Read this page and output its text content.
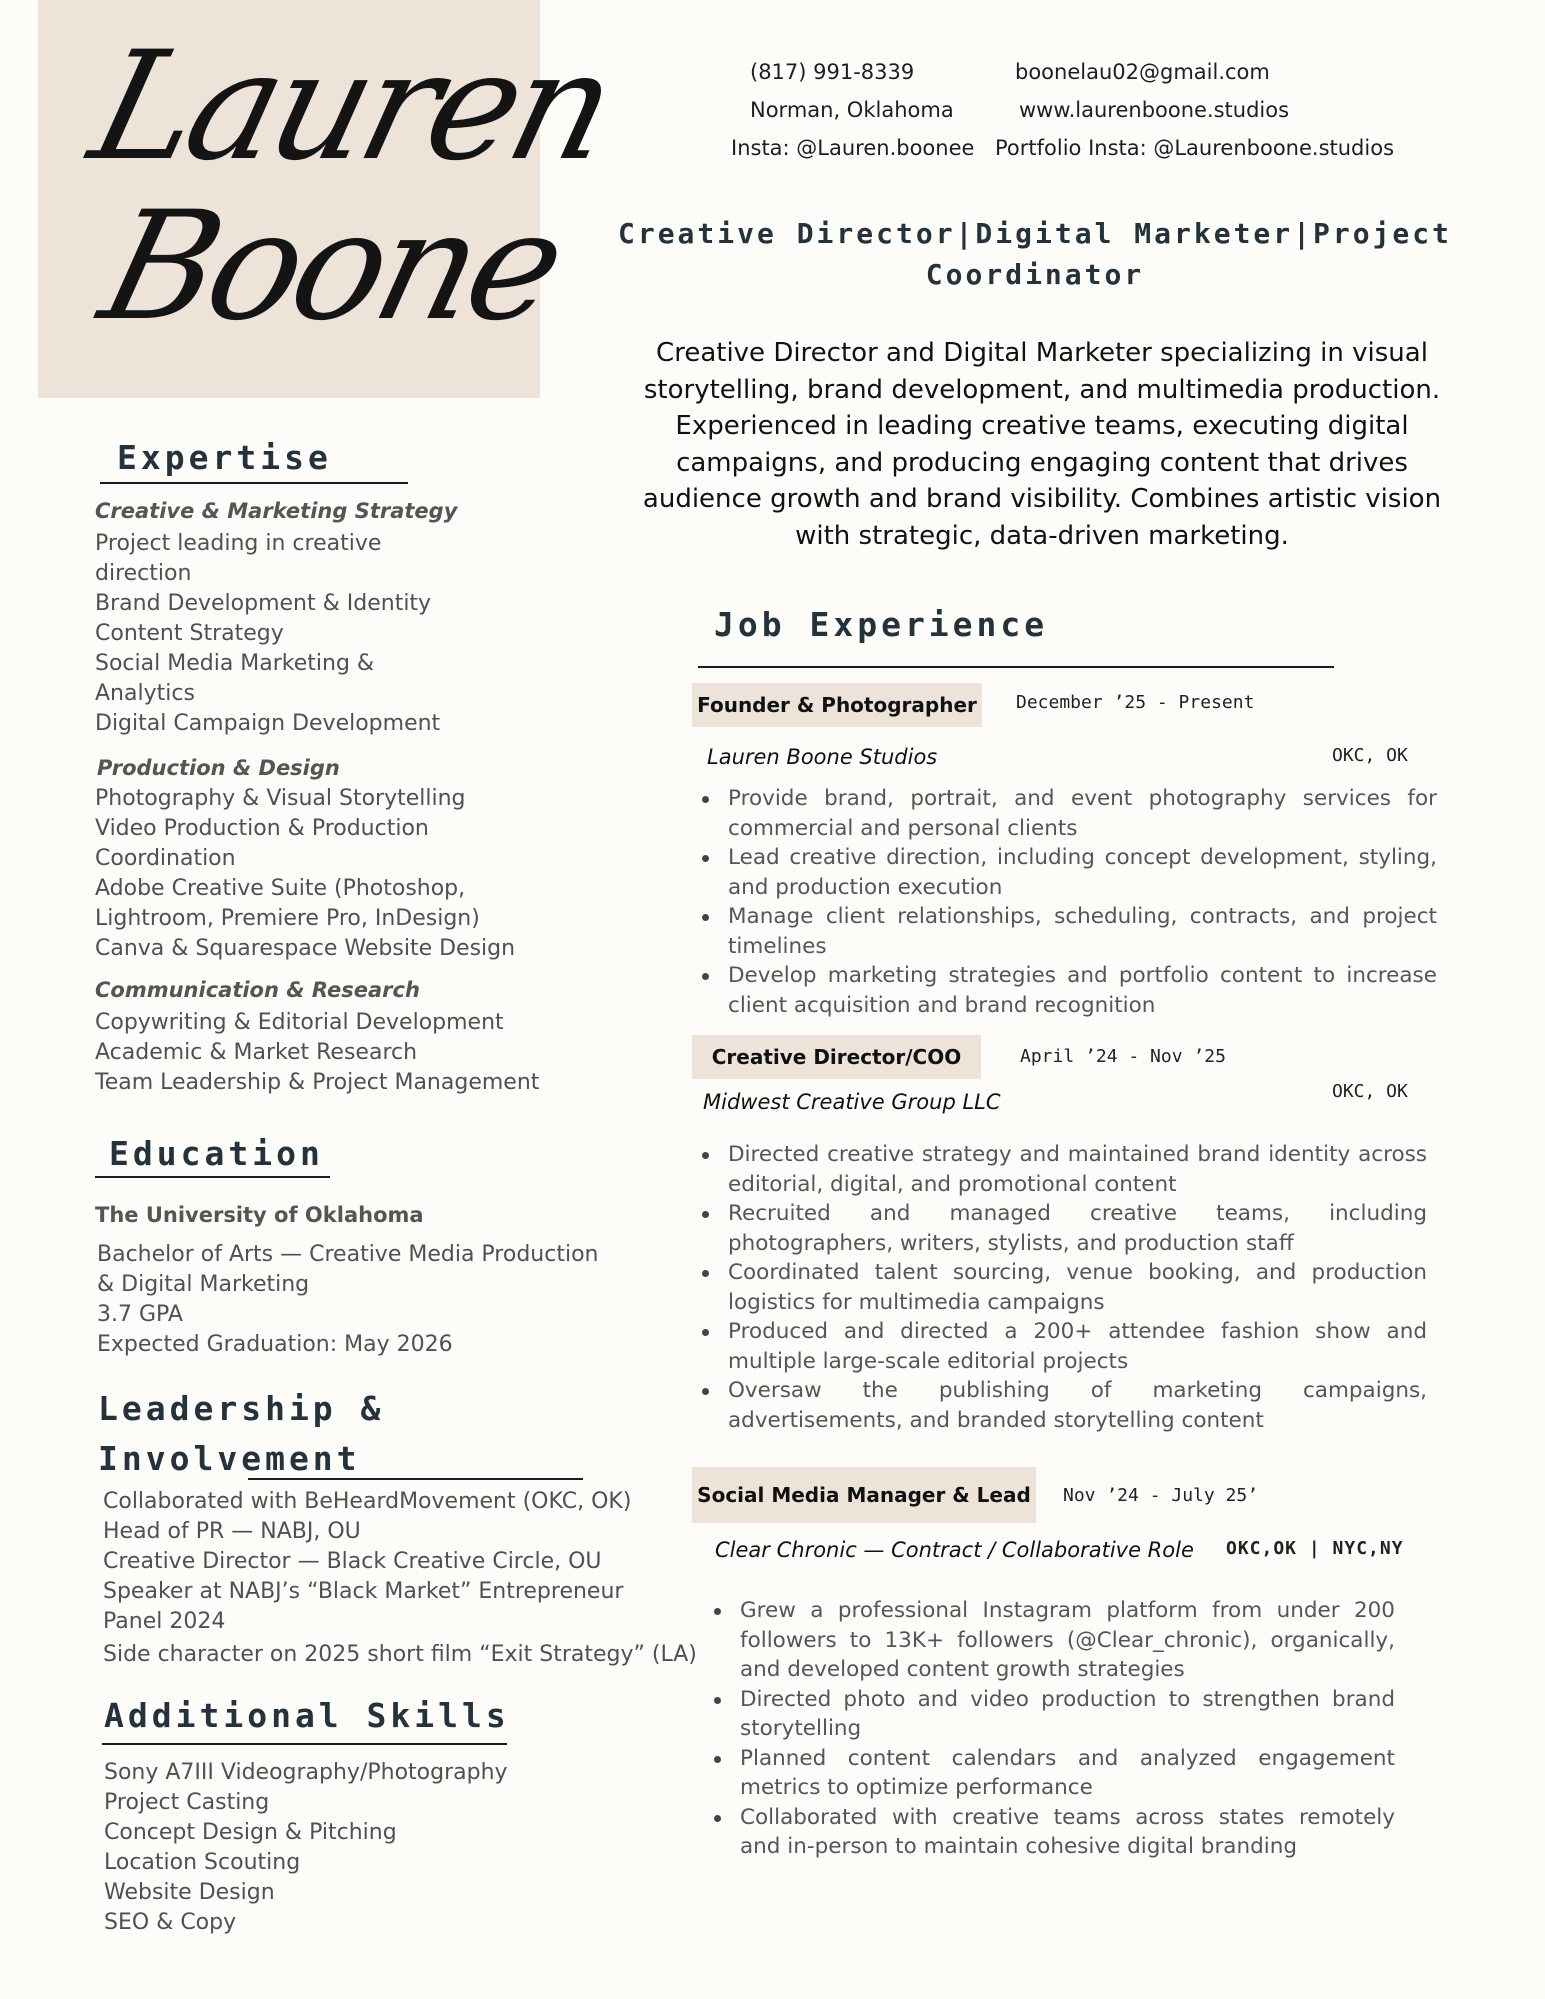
Lauren
Boone
(817) 991-8339	boonelau02@gmail.com
Norman, Oklahoma	www.laurenboone.studios
Insta: @Lauren.boonee Portfolio Insta: @Laurenboone.studios
Creative Director|Digital Marketer|Project
Coordinator
Creative Director and Digital Marketer specializing in visual storytelling, brand development, and multimedia production. Experienced in leading creative teams, executing digital campaigns, and producing engaging content that drives audience growth and brand visibility. Combines artistic vision with strategic, data-driven marketing.
Expertise
Creative & Marketing Strategy
Project leading in creative
direction
Brand Development & Identity
Content Strategy
Social Media Marketing &
Analytics
Digital Campaign Development
Production & Design
Photography & Visual Storytelling
Video Production & Production
Coordination
Adobe Creative Suite (Photoshop,
Lightroom, Premiere Pro, InDesign)
Canva & Squarespace Website Design
Communication & Research
Copywriting & Editorial Development
Academic & Market Research
Team Leadership & Project Management
Education
The University of Oklahoma
Bachelor of Arts — Creative Media Production
& Digital Marketing
3.7 GPA
Expected Graduation: May 2026
Leadership &
Involvement
Collaborated with BeHeardMovement (OKC, OK)
Head of PR — NABJ, OU
Creative Director — Black Creative Circle, OU
Speaker at NABJ’s “Black Market” Entrepreneur
Panel 2024
Side character on 2025 short film “Exit Strategy” (LA)
Additional Skills
Sony A7III Videography/Photography
Project Casting
Concept Design & Pitching
Location Scouting
Website Design
SEO & Copy
Job Experience
Founder & Photographer December ’25 - Present
Lauren Boone Studios	OKC, OK
Provide brand, portrait, and event photography services for commercial and personal clients
Lead creative direction, including concept development, styling, and production execution
Manage client relationships, scheduling, contracts, and project timelines
Develop marketing strategies and portfolio content to increase client acquisition and brand recognition
Creative Director/COO	April ’24 - Nov ’25
Midwest Creative Group LLC	OKC, OK
Directed creative strategy and maintained brand identity across editorial, digital, and promotional content
Recruited and managed creative teams, including photographers, writers, stylists, and production staff
Coordinated talent sourcing, venue booking, and production logistics for multimedia campaigns
Produced and directed a 200+ attendee fashion show and multiple large-scale editorial projects
Oversaw the publishing of marketing campaigns, advertisements, and branded storytelling content
Social Media Manager & Lead Nov ’24 - July 25’
Clear Chronic — Contract / Collaborative Role OKC,OK | NYC,NY
Grew a professional Instagram platform from under 200 followers to 13K+ followers (@Clear_chronic), organically, and developed content growth strategies
Directed photo and video production to strengthen brand storytelling
Planned content calendars and analyzed engagement metrics to optimize performance
Collaborated with creative teams across states remotely and in-person to maintain cohesive digital branding
